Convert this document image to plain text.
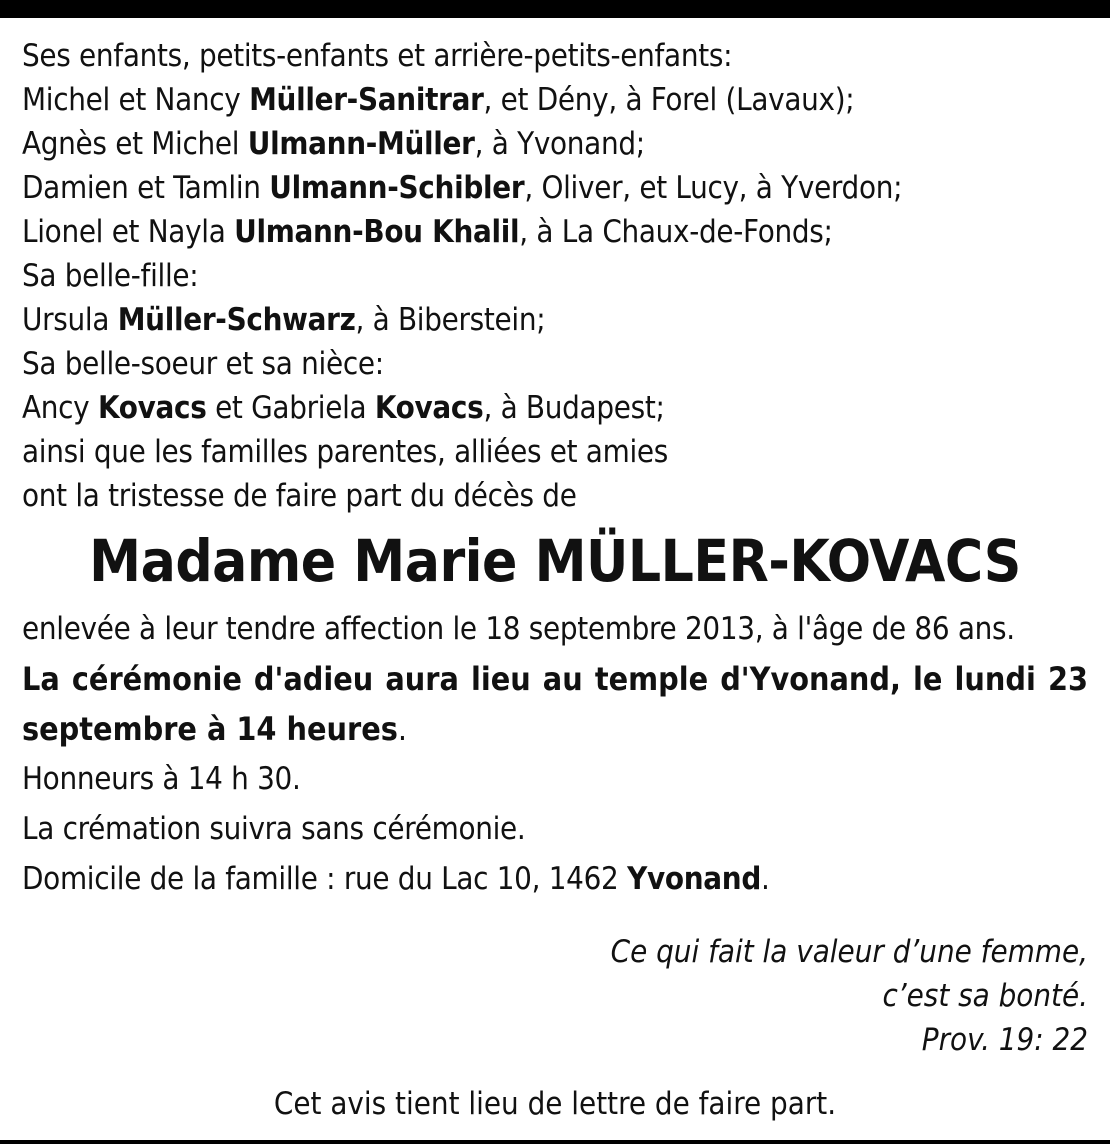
Ses enfants, petits-enfants et arrière-petits-enfants:
Michel et Nancy Müller-Sanitrar, et Dény, à Forel (Lavaux);
Agnès et Michel Ulmann-Müller, à Yvonand;
Damien et Tamlin Ulmann-Schibler, Oliver, et Lucy, à Yverdon;
Lionel et Nayla Ulmann-Bou Khalil, à La Chaux-de-Fonds;
Sa belle-fille:
Ursula Müller-Schwarz, à Biberstein;
Sa belle-soeur et sa nièce:
Ancy Kovacs et Gabriela Kovacs, à Budapest;
ainsi que les familles parentes, alliées et amies
ont la tristesse de faire part du décès de
Madame Marie MÜLLER-KOVACS
enlevée à leur tendre affection le 18 septembre 2013, à l'âge de 86 ans.
La cérémonie d'adieu aura lieu au temple d'Yvonand, le lundi 23 septembre à 14 heures.
Honneurs à 14 h 30.
La crémation suivra sans cérémonie.
Domicile de la famille : rue du Lac 10, 1462 Yvonand.
Ce qui fait la valeur d’une femme,
c’est sa bonté.
Prov. 19: 22
Cet avis tient lieu de lettre de faire part.
